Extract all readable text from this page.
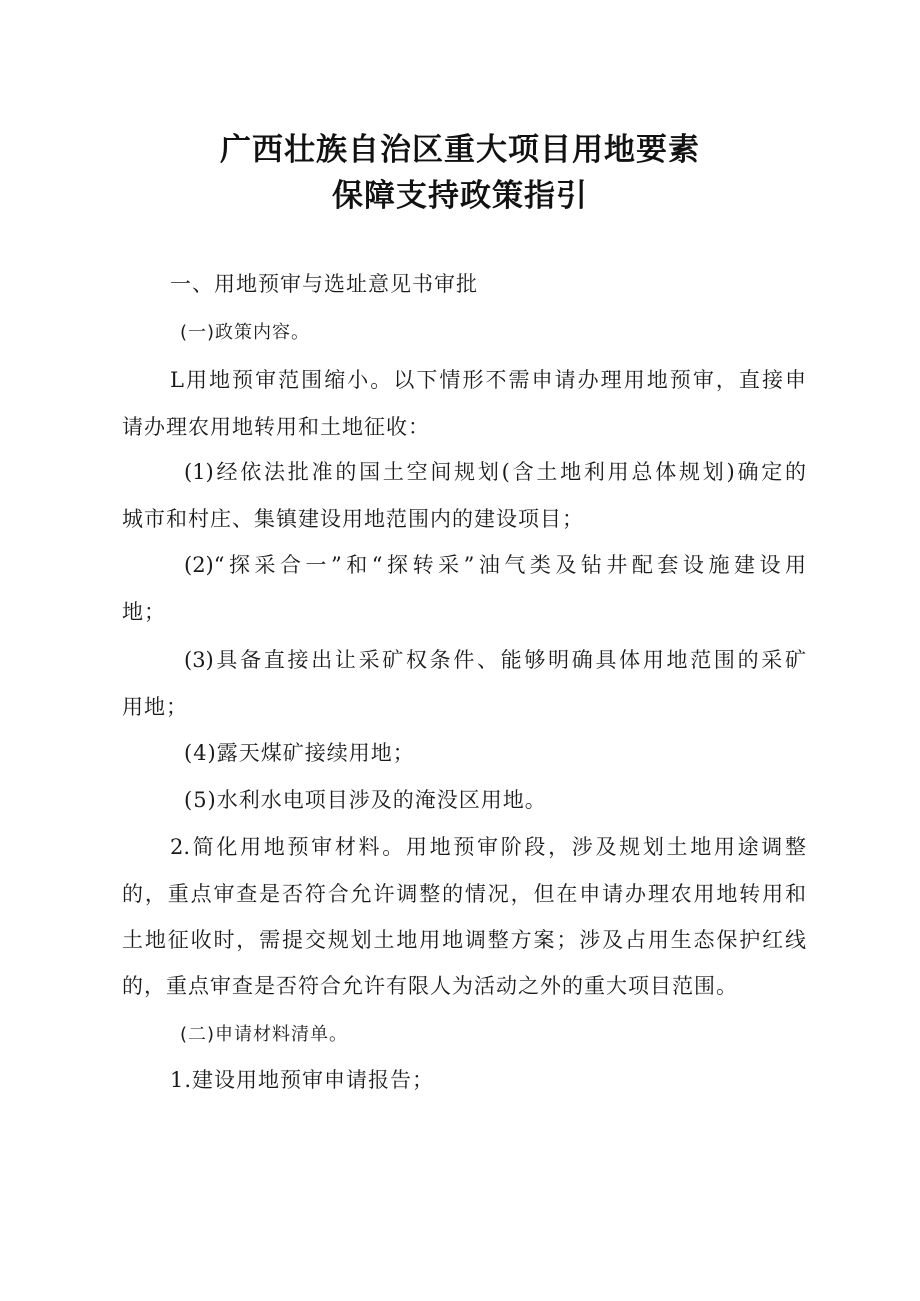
广西壮族自治区重大项目用地要素
保障支持政策指引
一、用地预审与选址意见书审批
(一)政策内容。
L用地预审范围缩小。以下情形不需申请办理用地预审，直接申
请办理农用地转用和土地征收：
(1)经依法批准的国土空间规划(含土地利用总体规划)确定的
城市和村庄、集镇建设用地范围内的建设项目；
(2)“探采合一”和“探转采”油气类及钻井配套设施建设用
地；
(3)具备直接出让采矿权条件、能够明确具体用地范围的采矿
用地；
(4)露天煤矿接续用地；
(5)水利水电项目涉及的淹没区用地。
2.简化用地预审材料。用地预审阶段，涉及规划土地用途调整
的，重点审查是否符合允许调整的情况，但在申请办理农用地转用和
土地征收时，需提交规划土地用地调整方案；涉及占用生态保护红线
的，重点审查是否符合允许有限人为活动之外的重大项目范围。
(二)申请材料清单。
1.建设用地预审申请报告；
